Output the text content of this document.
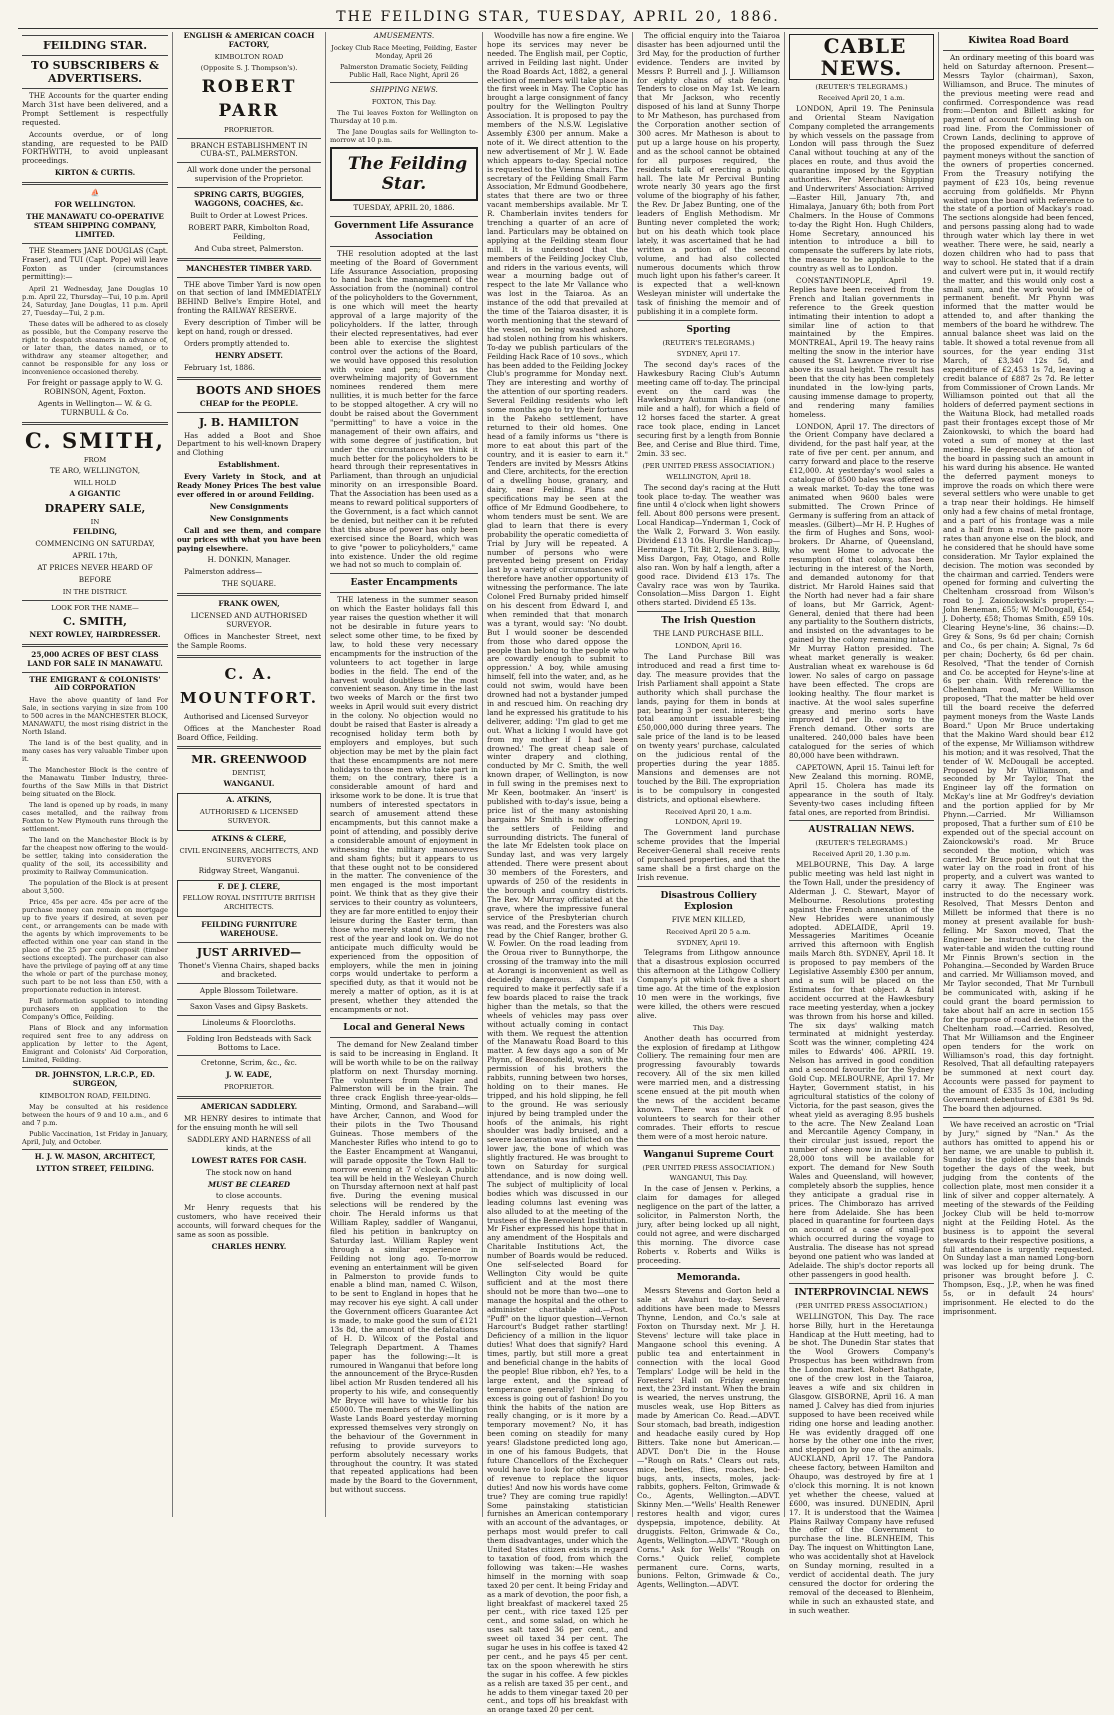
THE FEILDING STAR, TUESDAY, APRIL 20, 1886.

FEILDING STAR.

TO SUBSCRIBERS & ADVERTISERS.

THE Accounts for the quarter ending March 31st have been delivered, and a Prompt Settlement is respectfully requested.

Accounts overdue, or of long standing, are requested to be PAID FORTHWITH, to avoid unpleasant proceedings.

KIRTON & CURTIS.

⛵

FOR WELLINGTON.

THE MANAWATU CO-OPERATIVE STEAM SHIPPING COMPANY, LIMITED.

THE Steamers JANE DOUGLAS (Capt. Fraser), and TUI (Capt. Pope) will leave Foxton as under (circumstances permitting):—

April 21 Wednesday, Jane Douglas 10 p.m. April 22, Thursday—Tui, 10 p.m. April 24, Saturday, Jane Douglas, 11 p.m. April 27, Tuesday—Tui, 2 p.m.

These dates will be adhered to as closely as possible, but the Company reserve the right to despatch steamers in advance of, or later than, the dates named, or to withdraw any steamer altogether, and cannot be responsible for any loss or inconvenience occasioned thereby.

For freight or passage apply to W. G. ROBINSON, Agent, Foxton.

Agents in Wellington— W. & G. TURNBULL & Co.

C. SMITH,

FROM

TE ARO, WELLINGTON,

WILL HOLD

A GIGANTIC

DRAPERY SALE,

IN

FEILDING,

COMMENCING ON SATURDAY,

APRIL 17th,

AT PRICES NEVER HEARD OF

BEFORE

IN THE DISTRICT.

LOOK FOR THE NAME—

C. SMITH,

NEXT ROWLEY, HAIRDRESSER.

25,000 ACRES OF BEST CLASS LAND FOR SALE IN MANAWATU.

THE EMIGRANT & COLONISTS' AID CORPORATION

Have the above quantity of land For Sale, in sections varying in size from 100 to 500 acres in the MANCHESTER BLOCK, MANAWATU, the most rising district in the North Island.

The land is of the best quality, and in many cases has very valuable Timber upon it.

The Manchester Block is the centre of the Manawatu Timber Industry, three-fourths of the Saw Mills in that District being situated on the Block.

The land is opened up by roads, in many cases metalled, and the railway from Foxton to New Plymouth runs through the settlement.

The land on the Manchester Block is by far the cheapest now offering to the would-be settler, taking into consideration the quality of the soil, its accessibility and proximity to Railway Communication.

The population of the Block is at present about 3,500.

Price, 45s per acre. 45s per acre of the purchase money can remain on mortgage up to five years if desired, at seven per cent., or arrangements can be made with the agents by which improvements to be effected within one year can stand in the place of the 25 per cent. deposit (timber sections excepted). The purchaser can also have the privilege of paying off at any time the whole or part of the purchase money, such part to be not less than £50, with a proportionate reduction in interest.

Full information supplied to intending purchasers on application to the Company's Office, Feilding.

Plans of Block and any information required sent free to any address on application by letter to the Agent, Emigrant and Colonists' Aid Corporation, Limited, Feilding.

DR. JOHNSTON, L.R.C.P., ED. SURGEON,

KIMBOLTON ROAD, FEILDING.

May be consulted at his residence between the hours of 9 and 10 a.m., and 6 and 7 p.m.

Public Vaccination, 1st Friday in January, April, July, and October.

H. J. W. MASON, ARCHITECT,

LYTTON STREET, FEILDING.

ENGLISH & AMERICAN COACH FACTORY,

KIMBOLTON ROAD

(Opposite S. J. Thompson's).

ROBERT PARR

PROPRIETOR.

BRANCH ESTABLISHMENT IN CUBA-ST., PALMERSTON.

All work done under the personal supervision of the Proprietor.

SPRING CARTS, BUGGIES, WAGGONS, COACHES, &c.

Built to Order at Lowest Prices.

ROBERT PARR, Kimbolton Road, Feilding,

And Cuba street, Palmerston.

MANCHESTER TIMBER YARD.

THE above Timber Yard is now open on that section of land IMMEDIATELY BEHIND Bellve's Empire Hotel, and fronting the RAILWAY RESERVE.

Every description of Timber will be kept on hand, rough or dressed.

Orders promptly attended to.

HENRY ADSETT.

February 1st, 1886.

BOOTS AND SHOES

CHEAP for the PEOPLE.

J. B. HAMILTON

Has added a Boot and Shoe Department to his well-known Drapery and Clothing

Establishment.

Every Variety in Stock, and at Ready Money Prices The best value ever offered in or around Feilding.

New Consignments

New Consignments

Call and see them, and compare our prices with what you have been paying elsewhere.

H. DONKIN, Manager.

Palmerston address—

THE SQUARE.

FRANK OWEN,

LICENSED AND AUTHORISED SURVEYOR.

Offices in Manchester Street, next the Sample Rooms.

C. A. MOUNTFORT.

Authorised and Licensed Surveyor

Offices at the Manchester Road Board Office, Feilding.

MR. GREENWOOD

DENTIST,

WANGANUI.

A. ATKINS,

AUTHORISED & LICENSED SURVEYOR.

ATKINS & CLERE,

CIVIL ENGINEERS, ARCHITECTS, AND SURVEYORS

Ridgway Street, Wanganui.

F. DE J. CLERE,

FELLOW ROYAL INSTITUTE BRITISH ARCHITECTS.

FEILDING FURNITURE WAREHOUSE.

JUST ARRIVED—

Thonet's Vienna Chairs, shaped backs and bracketed.

Apple Blossom Toiletware.

Saxon Vases and Gipsy Baskets.

Linoleums & Floorcloths.

Folding Iron Bedsteads with Sack Bottoms to Lace.

Cretonne, Scrim, &c., &c.

J. W. EADE,

PROPRIETOR.

AMERICAN SADDLERY.

MR HENRY desires to intimate that for the ensuing month he will sell

SADDLERY AND HARNESS of all kinds, at the

LOWEST RATES FOR CASH.

The stock now on hand

MUST BE CLEARED

to close accounts.

Mr Henry requests that his customers, who have received their accounts, will forward cheques for the same as soon as possible.

CHARLES HENRY.

AMUSEMENTS.

Jockey Club Race Meeting, Feilding, Easter Monday, April 26

Palmerston Dramatic Society, Feilding Public Hall, Race Night, April 26

SHIPPING NEWS.

FOXTON, This Day.

The Tui leaves Foxton for Wellington on Thursday at 10 p.m.

The Jane Douglas sails for Wellington to-morrow at 10 p.m.

The Feilding Star.

TUESDAY, APRIL 20, 1886.

Government Life Assurance Association

THE resolution adopted at the last meeting of the Board of Government Life Assurance Association, proposing to hand back the management of the Association from the (nominal) control of the policyholders to the Government, is one which will meet the hearty approval of a large majority of the policyholders. If the latter, through their elected representatives, had ever been able to exercise the slightest control over the actions of the Board, we would have opposed this resolution with voice and pen; but as the overwhelming majority of Government nominees rendered them mere nullities, it is much better for the farce to be stopped altogether. A cry will no doubt be raised about the Government "permitting" to have a voice in the management of their own affairs, and with some degree of justification, but under the circumstances we think it much better for the policyholders to be heard through their representatives in Parliament, than through an unjudicial minority on an irresponsible Board. That the Association has been used as a means to reward political supporters of the Government, is a fact which cannot be denied, but neither can it be refuted that this abuse of power has only been exercised since the Board, which was to give "power to policyholders," came into existence. Under the old regime we had not so much to complain of.

Easter Encampments

THE lateness in the summer season on which the Easter holidays fall this year raises the question whether it will not be desirable in future years to select some other time, to be fixed by law, to hold these very necessary encampments for the instruction of the volunteers to act together in large bodies in the field. The end of the harvest would doubtless be the most convenient season. Any time in the last two weeks of March or the first two weeks in April would suit every district in the colony. No objection would no doubt be raised that Easter is already a recognised holiday term both by employers and employes, but such objection may be met by the plain fact that these encampments are not mere holidays to those men who take part in them; on the contrary, there is a considerable amount of hard and irksome work to be done. It is true that numbers of interested spectators in search of amusement attend these encampments, but this cannot make a point of attending, and possibly derive a considerable amount of enjoyment in witnessing the military manoeuvres and sham fights; but it appears to us that these ought not to be considered in the matter. The convenience of the men engaged is the most important point. We think that as they give their services to their country as volunteers, they are far more entitled to enjoy their leisure during the Easter term, than those who merely stand by during the rest of the year and look on. We do not anticipate much difficulty would be experienced from the opposition of employers, while the men in joining corps would undertake to perform a specified duty, as that it would not be merely a matter of option, as it is at present, whether they attended the encampments or not.

Local and General News

The demand for New Zealand timber is said to be increasing in England. It will be worth while to be on the railway platform on next Thursday morning. The volunteers from Napier and Palmerston will be in the train. The three crack English three-year-olds—Minting, Ormond, and Saraband—will have Archer, Cannon, and Wood for their pilots in the Two Thousand Guineas. Those members of the Manchester Rifles who intend to go to the Easter Encampment at Wanganui, will parade opposite the Town Hall to-morrow evening at 7 o'clock. A public tea will be held in the Wesleyan Church on Thursday afternoon next at half past five. During the evening musical selections will be rendered by the choir. The Herald informs us that William Rapley, saddler of Wanganui, filed his petition in bankruptcy on Saturday last. William Rapley went through a similar experience in Feilding not long ago. To-morrow evening an entertainment will be given in Palmerston to provide funds to enable a blind man, named C. Wilson, to be sent to England in hopes that he may recover his eye sight. A call under the Government officers Guarantee Act is made, to make good the sum of £121 13s 8d, the amount of the defalcations of H. D. Wilcox of the Postal and Telegraph Department. A Thames paper has the following:—It is rumoured in Wanganui that before long the announcement of the Bryce-Rusden libel action Mr Rusden tendered all his property to his wife, and consequently Mr Bryce will have to whistle for his £5000. The members of the Wellington Waste Lands Board yesterday morning expressed themselves very strongly on the behaviour of the Government in refusing to provide surveyors to perform absolutely necessary works throughout the country. It was stated that repeated applications had been made by the Board to the Government, but without success.

Woodville has now a fire engine. We hope its services may never be needed. The English mail, per Coptic, arrived in Feilding last night. Under the Road Boards Act, 1882, a general election of members will take place in the first week in May. The Coptic has brought a large consignment of fancy poultry for the Wellington Poultry Association. It is proposed to pay the members of the N.S.W. Legislative Assembly £300 per annum. Make a note of it. We direct attention to the new advertisement of Mr J. W. Eade which appears to-day. Special notice is requested to the Vienna chairs. The secretary of the Feilding Small Farm Association, Mr Edmund Goodbehere, states that there are two or three vacant memberships available. Mr T. R. Chamberlain invites tenders for trenching a quarter of an acre of land. Particulars may be obtained on applying at the Feilding steam flour mill. It is understood that the members of the Feilding Jockey Club, and riders in the various events, will wear a mourning badge out of respect to the late Mr Vallance who was lost in the Taiaroa. As an instance of the odd that prevailed at the time of the Taiaroa disaster, it is worth mentioning that the steward of the vessel, on being washed ashore, had stolen nothing from his whiskers. To-day we publish particulars of the Feilding Hack Race of 10 sovs., which has been added to the Feilding Jockey Club's programme for Monday next. They are interesting and worthy of the attention of our sporting readers. Several Feilding residents who left some months ago to try their fortunes in the Pakeho settlement, have returned to their old homes. One head of a family informs us "there is more to eat about this part of the country, and it is easier to earn it." Tenders are invited by Messrs Atkins and Clere, architects, for the erection of a dwelling house, granary, and dairy, near Feilding. Plans and specifications may be seen at the office of Mr Edmund Goodbehere, to whom tenders must be sent. We are glad to learn that there is every probability the operatic comedietta of Trial by Jury will be repeated. A number of persons who were prevented being present on Friday last by a variety of circumstances will therefore have another opportunity of witnessing the performance. The late Colonel Fred Burnaby prided himself on his descent from Edward I, and when reminded that that monarch was a tyrant, would say: 'No doubt. But I would sooner be descended from those who dared oppose the people than belong to the people who are cowardly enough to submit to oppression.' A boy, while amusing himself, fell into the water, and, as he could not swim, would have been drowned had not a bystander jumped in and rescued him. On reaching dry land he expressed his gratitude to his deliverer, adding: 'I'm glad to get me out. What a licking I would have got from my mother if I had been drowned.' The great cheap sale of winter drapery and clothing, conducted by Mr C. Smith, the well known draper, of Wellington, is now in full swing in the premises next to Mr Keen, bootmaker. An 'insert' is published with to-day's issue, being a price list of the many astonishing bargains Mr Smith is now offering the settlers of Feilding and surrounding districts. The funeral of the late Mr Edelsten took place on Sunday last, and was very largely attended. There were present about 30 members of the Foresters, and upwards of 250 of the residents in the borough and country districts. The Rev. Mr Murray officiated at the grave, where the impressive funeral service of the Presbyterian church was read, and the Foresters was also read by the Chief Ranger, brother G. W. Fowler. On the road leading from the Oroua river to Bunnythorpe, the crossing of the tramway into the mill at Aorangi is inconvenient as well as decidedly dangerous. All that is required to make it perfectly safe if a few boards placed to raise the track higher than the metals, so that the wheels of vehicles may pass over without actually coming in contact with them. We request the attention of the Manawatu Road Board to this matter. A few days ago a son of Mr Phynn, of Beaconsfield, was, with the permission of his brothers the rabbits, running between two horses, holding on to their manes. He tripped, and his hold slipping, he fell to the ground. He was seriously injured by being trampled under the hoofs of the animals, his right shoulder was badly bruised, and a severe laceration was inflicted on the lower jaw, the bone of which was slightly fractured. He was brought to town on Saturday for surgical attendance, and is now doing well. The subject of multiplicity of local bodies which was discussed in our leading columns last evening was also alluded to at the meeting of the trustees of the Benevolent Institution. Mr Fisher expressed his hope that in any amendment of the Hospitals and Charitable Institutions Act, the number of Boards would be reduced. One self-selected Board for Wellington City would be quite sufficient and at the most there should not be more than two—one to manage the hospital and the other to administer charitable aid.—Post. "Puff" on the liquor question—Vernon Harcourt's Budget rather startling! Deficiency of a million in the liquor duties! What does that signify? Hard times, partly, but still more a great and beneficial change in the habits of the people! Blue ribbon, eh? Yes, to a large extent, and the spread of temperance generally! Drinking to excess is going out of fashion! Do you think the habits of the nation are really changing, or is it more by a temporary movement? No, it has been coming on steadily for many years! Gladstone predicted long ago, in one of his famous Budgets, that future Chancellors of the Exchequer would have to look for other sources of revenue to replace the liquor duties! And now his words have come true? They are coming true rapidly! Some painstaking statistician furnishes an American contemporary with an account of the advantages, or perhaps most would prefer to call them disadvantages, under which the United States citizen exists in regard to taxation of food, from which the following was taken:—He washes himself in the morning with soap taxed 20 per cent. It being Friday and as a mark of devotion, the poor fish, a light breakfast of mackerel taxed 25 per cent., with rice taxed 125 per cent., and some salad, on which he uses salt taxed 36 per cent., and sweet oil taxed 34 per cent. The sugar he uses in his coffee is taxed 42 per cent., and he pays 45 per cent. tax on the spoon wherewith he stirs the sugar in his coffee. A few pickles as a relish are taxed 35 per cent., and he adds to them vinegar taxed 20 per cent., and tops off his breakfast with an orange taxed 20 per cent.

The official enquiry into the Taiaroa disaster has been adjourned until the 3rd May, for the production of further evidence. Tenders are invited by Messrs P. Burrell and J. J. Williamson for eighty chains of stab fencing. Tenders to close on May 1st. We learn that Mr Jackson, who recently disposed of his land at Sunny Thorpe to Mr Matheson, has purchased from the Corporation another section of 300 acres. Mr Matheson is about to put up a large house on his property, and as the school cannot be obtained for all purposes required, the residents talk of erecting a public hall. The late Mr Percival Bunting wrote nearly 30 years ago the first volume of the biography of his father, the Rev. Dr Jabez Bunting, one of the leaders of English Methodism. Mr Bunting never completed the work; but on his death which took place lately, it was ascertained that he had written a portion of the second volume, and had also collected numerous documents which throw much light upon his father's career. It is expected that a well-known Wesleyan minister will undertake the task of finishing the memoir and of publishing it in a complete form.

Sporting

(REUTER'S TELEGRAMS.)

SYDNEY, April 17.

The second day's races of the Hawkesbury Racing Club's Autumn meeting came off to-day. The principal event on the card was the Hawkesbury Autumn Handicap (one mile and a half), for which a field of 12 horses faced the starter. A great race took place, ending in Lancet securing first by a length from Bonnie Bee, and Cerise and Blue third. Time, 2min. 33 sec.

(PER UNITED PRESS ASSOCIATION.)

WELLINGTON, April 18.

The second day's racing at the Hutt took place to-day. The weather was fine until 4 o'clock when light showers fell. About 800 persons were present. Local Handicap—Ynderman 1, Cock of the Walk 2, Forward 3. Won easily. Dividend £13 10s. Hurdle Handicap—Hermitage 1, Tit Bit 2, Silence 3. Billy, Miss Dargon, Fay, Otago, and Rolle also ran. Won by half a length, after a good race. Dividend £13 17s. The Cavalry race was won by Taurika. Consolation—Miss Dargon 1. Eight others started. Dividend £5 13s.

The Irish Question

THE LAND PURCHASE BILL.

LONDON, April 16.

The Land Purchase Bill was introduced and read a first time to-day. The measure provides that the Irish Parliament shall appoint a State authority which shall purchase the lands, paying for them in bonds at par, bearing 3 per cent. interest; the total amount issuable being £50,000,000 during three years. The sale price of the land is to be leased on twenty years' purchase, calculated on the judicious rental of the properties during the year 1885. Mansions and demenses are not touched by the Bill. The expropriation is to be compulsory in congested districts, and optional elsewhere.

Received April 20, 1 a.m.

LONDON, April 19.

The Government land purchase scheme provides that the Imperial Receiver-General shall receive rents of purchased properties, and that the same shall be a first charge on the Irish revenue.

Disastrous Colliery Explosion

FIVE MEN KILLED,

Received April 20 5 a.m.

SYDNEY, April 19.

Telegrams from Lithgow announce that a disastrous explosion occurred this afternoon at the Lithgow Colliery Company's pit which took five a short time ago. At the time of the explosion 10 men were in the workings, five were killed, the others were rescued alive.

This Day.

Another death has occurred from the explosion of firedamp at Lithgow Colliery. The remaining four men are progressing favourably towards recovery. All of the six men killed were married men, and a distressing scene ensued at the pit mouth when the news of the accident became known. There was no lack of volunteers to search for their other comrades. Their efforts to rescue them were of a most heroic nature.

Wanganui Supreme Court

(PER UNITED PRESS ASSOCIATION.)

WANGANUI, This Day.

In the case of Jensen v. Perkins, a claim for damages for alleged negligence on the part of the latter, a solicitor, in Palmerston North, the jury, after being locked up all night, could not agree, and were discharged this morning. The divorce case Roberts v. Roberts and Wilks is proceeding.

Memoranda.

Messrs Stevens and Gorton held a sale at Awahuri to-day. Several additions have been made to Messrs Thynne, Lendon, and Co.'s sale at Foxton on Thursday next. Mr J. H. Stevens' lecture will take place in Mangaone school this evening. A public tea and entertainment in connection with the local Good Templars' Lodge will be held in the Foresters' Hall on Friday evening next, the 23rd instant. When the brain is wearied, the nerves unstrung, the muscles weak, use Hop Bitters as made by American Co. Read.—ADVT. Sour stomach, bad breath, indigestion and headache easily cured by Hop Bitters. Take none but American.—ADVT. Don't Die in the House—"Rough on Rats." Clears out rats, mice, beetles, flies, roaches, bed-bugs, ants, insects, moles, jack-rabbits, gophers. Felton, Grimwade & Co., Agents, Wellington.—ADVT. Skinny Men.—"Wells' Health Renewer restores health and vigor, cures dyspepsia, impotence, debility. At druggists. Felton, Grimwade & Co., Agents, Wellington.—ADVT. "Rough on Corns." Ask for Wells' "Rough on Corns." Quick relief, complete permanent cure. Corns, warts, bunions. Felton, Grimwade & Co., Agents, Wellington.—ADVT.

CABLE NEWS.

(REUTER'S TELEGRAMS.)

Received April 20, 1 a.m.

LONDON, April 19. The Peninsula and Oriental Steam Navigation Company completed the arrangements by which vessels on the passage from London will pass through the Suez Canal without touching at any of the places en route, and thus avoid the quarantine imposed by the Egyptian authorities. Per Merchant Shipping and Underwriters' Association: Arrived—Easter Hill, January 7th, and Himalaya, January 6th; both from Port Chalmers. In the House of Commons to-day the Right Hon. Hugh Childers, Home Secretary, announced his intention to introduce a bill to compensate the sufferers by late riots, the measure to be applicable to the country as well as to London.

CONSTANTINOPLE, April 19. Replies have been received from the French and Italian governments in reference to the Greek question intimating their intention to adopt a similar line of action to that maintained by the Empires. MONTREAL, April 19. The heavy rains melting the snow in the interior have caused the St. Lawrence river to rise above its usual height. The result has been that the city has been completely inundated in the low-lying parts, causing immense damage to property, and rendering many families homeless.

LONDON, April 17. The directors of the Orient Company have declared a dividend, for the past half year, at the rate of five per cent. per annum, and carry forward and place to the reserve £12,000. At yesterday's wool sales a catalogue of 8500 bales was offered to a weak market. To-day the tone was animated when 9600 bales were submitted. The Crown Prince of Germany is suffering from an attack of measles. (Gilbert)—Mr H. P. Hughes of the firm of Hughes and Sons, wool-brokers. Dr Aharne, of Queensland, who went Home to advocate the resumption of that colony, has been lecturing in the interest of the North, and demanded autonomy for that district. Mr Harold Haines said that the North had never had a fair share of loans, but Mr Garrick, Agent-General, denied that there had been any partiality to the Southern districts, and insisted on the advantages to be gained by the colony remaining intact. Mr Murray Hatton presided. The wheat market generally is weaker. Australian wheat ex warehouse is 6d lower. No sales of cargo on passage have been effected. The crops are looking healthy. The flour market is inactive. At the wool sales superfine greasy and merino sorts have improved 1d per lb. owing to the French demand. Other sorts are unaltered. 240,000 bales have been catalogued for the series of which 80,000 have been withdrawn.

CAPETOWN, April 15. Tainui left for New Zealand this morning. ROME, April 15. Cholera has made its appearance in the south of Italy. Seventy-two cases including fifteen fatal ones, are reported from Brindisi.

AUSTRALIAN NEWS.

(REUTER'S TELEGRAMS.)

Received April 20, 1.30 p.m.

MELBOURNE, This Day. A large public meeting was held last night in the Town Hall, under the presidency of Alderman J. C. Stewart, Mayor of Melbourne. Resolutions protesting against the French annexation of the New Hebrides were unanimously adopted. ADELAIDE, April 19. Messageries Maritimes Oceanie arrived this afternoon with English mails March 8th. SYDNEY, April 18. It is proposed to pay members of the Legislative Assembly £300 per annum, and a sum will be placed on the Estimates for that object. A fatal accident occurred at the Hawkesbury race meeting yesterday, when a jockey was thrown from his horse and killed. The six days' walking match terminated at midnight yesterday. Scott was the winner, completing 424 miles to Edwards' 406. APRIL 19. Nelson has arrived in good condition and a second favourite for the Sydney Gold Cup. MELBOURNE, April 17. Mr Hayter, Government statist, in his agricultural statistics of the colony of Victoria, for the past season, gives the wheat yield as averaging 8.95 bushels to the acre. The New Zealand Loan and Mercantile Agency Company, in their circular just issued, report the number of sheep now in the colony at 28,000 tons will be available for export. The demand for New South Wales and Queensland, will however, completely absorb the supplies, hence they anticipate a gradual rise in prices. The Chimborazo has arrived here from Adelaide. She has been placed in quarantine for fourteen days on account of a case of small-pox which occurred during the voyage to Australia. The disease has not spread beyond one patient who was landed at Adelaide. The ship's doctor reports all other passengers in good health.

INTERPROVINCIAL NEWS

(PER UNITED PRESS ASSOCIATION.)

WELLINGTON, This Day. The race horse Billy, hurt in the Heretaunga Handicap at the Hutt meeting, had to be shot. The Dunedin Star states that the Wool Growers Company's Prospectus has been withdrawn from the London market. Robert Bathgate, one of the crew lost in the Taiaroa, leaves a wife and six children in Glasgow. GISBORNE, April 16. A man named J. Calvey has died from injuries supposed to have been received while riding one horse and leading another. He was evidently dragged off one horse by the other one into the river, and stepped on by one of the animals. AUCKLAND, April 17. The Pandora cheese factory, between Hamilton and Ohaupo, was destroyed by fire at 1 o'clock this morning. It is not known yet whether the cheese, valued at £600, was insured. DUNEDIN, April 17. It is understood that the Waimea Plains Railway Company have refused the offer of the Government to purchase the line. BLENHEIM, This Day. The inquest on Whittington Lane, who was accidentally shot at Havelock on Sunday morning, resulted in a verdict of accidental death. The jury censured the doctor for ordering the removal of the deceased to Blenheim, while in such an exhausted state, and in such weather.

Kiwitea Road Board

An ordinary meeting of this board was held on Saturday afternoon. Present—Messrs Taylor (chairman), Saxon, Williamson, and Bruce. The minutes of the previous meeting were read and confirmed. Correspondence was read from:—Denton and Billett asking for payment of account for felling bush on road line. From the Commissioner of Crown Lands, declining to approve of the proposed expenditure of deferred payment moneys without the sanction of the owners of properties concerned. From the Treasury notifying the payment of £23 10s, being revenue accruing from goldfields. Mr Phynn waited upon the board with reference to the state of a portion of Mackay's road. The sections alongside had been fenced, and persons passing along had to wade through water which lay there in wet weather. There were, he said, nearly a dozen children who had to pass that way to school. He stated that if a drain and culvert were put in, it would rectify the matter, and this would only cost a small sum, and the work would be of permanent benefit. Mr Phynn was informed that the matter would be attended to, and after thanking the members of the board he withdrew. The annual balance sheet was laid on the table. It showed a total revenue from all sources, for the year ending 31st March, of £3,340 12s 5d, and expenditure of £2,453 1s 7d, leaving a credit balance of £887 2s 7d. Re letter from Commissioner of Crown Lands. Mr Williamson pointed out that all the holders of deferred payment sections in the Waituna Block, had metalled roads past their frontages except those of Mr Zaionkowski, to which the board had voted a sum of money at the last meeting. He deprecated the action of the board in passing such an amount in his ward during his absence. He wanted the deferred payment moneys to improve the roads on which there were several settlers who were unable to get a trap near their holdings. He himself only had a few chains of metal frontage, and a part of his frontage was a mile and a half from a road. He paid more rates than anyone else on the block, and he considered that he should have some consideration. Mr Taylor explained the decision. The motion was seconded by the chairman and carried. Tenders were opened for forming and culverting the Cheltenham crossroad from Wilson's road to J. Zaionckowski's property:—John Beneman, £55; W. McDougall, £54; J. Doherty, £58; Thomas Smith, £59 10s. Clearing Heyne's-line, 36 chains:—D. Grey & Sons, 9s 6d per chain; Cornish and Co., 6s per chain; A. Signal, 7s 6d per chain; Docherty, 6s 6d per chain. Resolved, "That the tender of Cornish and Co. be accepted for Heyne's-line at 6s per chain. With reference to the Cheltenham road, Mr Williamson proposed, "That the matter be held over till the board receive the deferred payment moneys from the Waste Lands Board." Upon Mr Bruce undertaking that the Makino Ward should bear £12 of the expense, Mr Williamson withdrew his motion; and it was resolved, That the tender of W. McDougall be accepted. Proposed by Mr Williamson, and seconded by Mr Taylor, That the Engineer lay off the formation on McKay's line at Mr Godfrey's deviation and the portion applied for by Mr Phynn.—Carried. Mr Williamson proposed, That a further sum of £10 be expended out of the special account on Zaionckowski's road. Mr Bruce seconded the motion, which was carried. Mr Bruce pointed out that the water lay on the road in front of his property, and a culvert was wanted to carry it away. The Engineer was instructed to do the necessary work. Resolved, That Messrs Denton and Millett be informed that there is no money at present available for bush-felling. Mr Saxon moved, That the Engineer be instructed to clear the water-table and widen the cutting round Mr Finnis Brown's section in the Pohangina.—Seconded by Warden Bruce and carried. Mr Williamson moved, and Mr Taylor seconded, That Mr Turnbull be communicated with, asking if he could grant the board permission to take about half an acre in section 155 for the purpose of road deviation on the Cheltenham road.—Carried. Resolved, That Mr Williamson and the Engineer open tenders for the work on Williamson's road, this day fortnight. Resolved, That all defaulting ratepayers be summoned at next court day. Accounts were passed for payment to the amount of £335 3s 10d, including Government debentures of £381 9s 9d. The board then adjourned.

We have received an acrostic on "Trial by Jury," signed by "Nan." As the authors has omitted to append his or her name, we are unable to publish it. Sunday is the golden clasp that binds together the days of the week, but judging from the contents of the collection plate, most men consider it a link of silver and copper alternately. A meeting of the stewards of the Feilding Jockey Club will be held to-morrow night at the Feilding Hotel. As the business is to appoint the several stewards to their respective positions, a full attendance is urgently requested. On Sunday last a man named Long-born was locked up for being drunk. The prisoner was brought before J. C. Thompson, Esq., J.P., when he was fined 5s, or in default 24 hours' imprisonment. He elected to do the imprisonment.
